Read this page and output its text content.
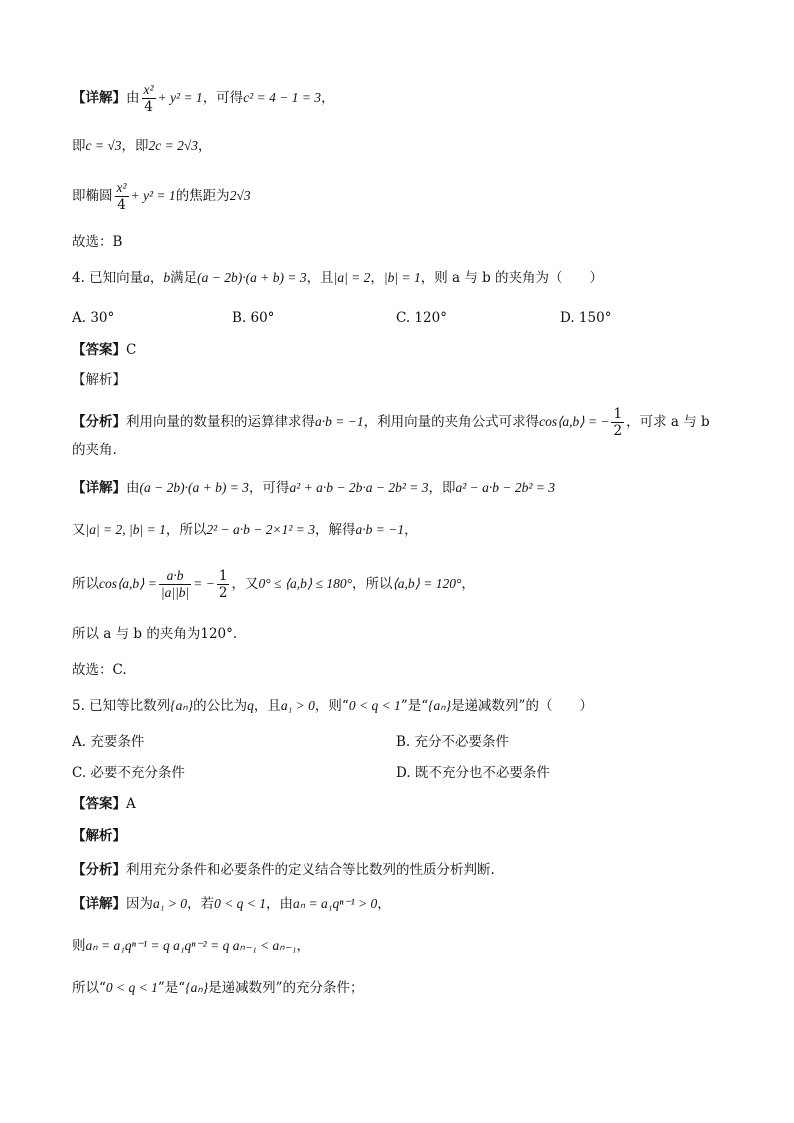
【详解】由 $\frac{\text{x²}}{4} + y^2 = 1$，可得c² = 4 − 1 = 3，
即c = √3，即2c = 2√3，
即椭圆 $\frac{\text{x²}}{4} + y^2 = 1$的焦距为2√3
故选：B
4. 已知向量a，b满足(a − 2b)·(a + b) = 3，且|a| = 2，|b| = 1，则 a 与 b 的夹角为（　　）
A. 30°	B. 60°	C. 120°	D. 150°
【答案】C
【解析】
【分析】利用向量的数量积的运算律求得a·b = −1，利用向量的夹角公式可求得cos⟨a,b⟩ = − $\frac{1}{2}$ ，可求 a 与 b
的夹角.
【详解】由(a − 2b)·(a + b) = 3，可得a² + a·b − 2b·a − 2b² = 3，即a² − a·b − 2b² = 3
又|a| = 2, |b| = 1，所以2² − a·b − 2×1² = 3，解得a·b = −1，
所以cos⟨a,b⟩ = $\frac{a\cdot b}{|a||b|}$ = − $\frac{1}{2}$ ，又0° ≤ ⟨a,b⟩ ≤ 180°，所以⟨a,b⟩ = 120°，
所以 a 与 b 的夹角为120°.
故选：C.
5. 已知等比数列{aₙ}的公比为q，且a₁ > 0，则“0 < q < 1”是“{aₙ}是递减数列”的（　　）
A. 充要条件	B. 充分不必要条件
C. 必要不充分条件	D. 既不充分也不必要条件
【答案】A
【解析】
【分析】利用充分条件和必要条件的定义结合等比数列的性质分析判断.
【详解】因为a₁ > 0，若0 < q < 1，由aₙ = a₁qⁿ⁻¹ > 0，
则aₙ = a₁qⁿ⁻¹ = q a₁qⁿ⁻² = q aₙ₋₁ < aₙ₋₁，
所以“0 < q < 1”是“{aₙ}是递减数列”的充分条件；
